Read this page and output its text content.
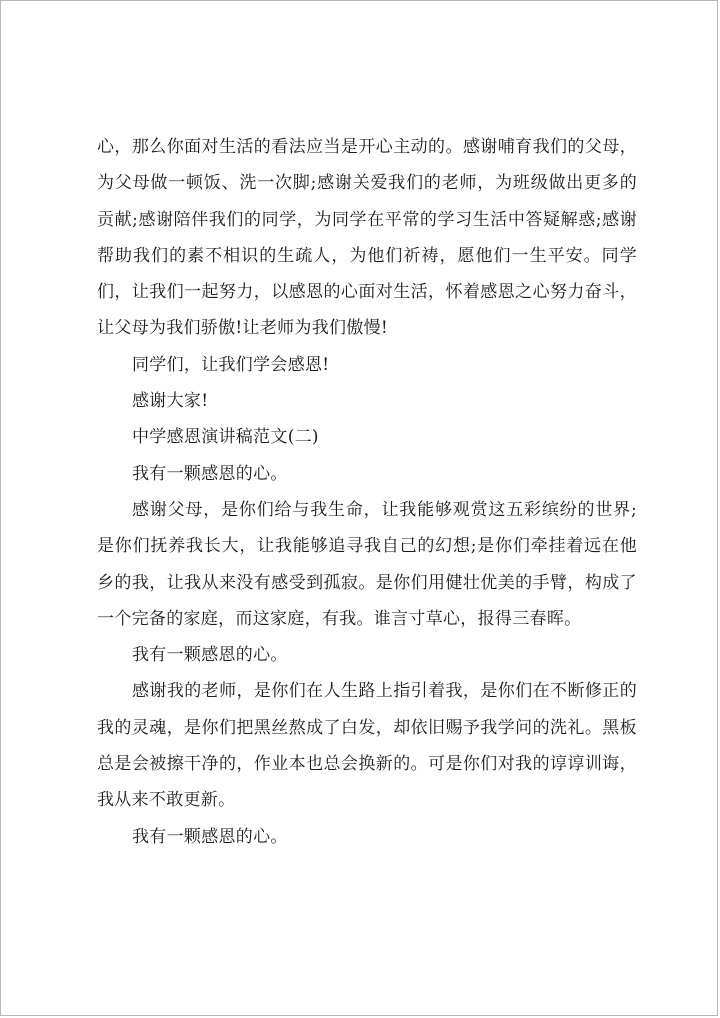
心，那么你面对生活的看法应当是开心主动的。感谢哺育我们的父母，为父母做一顿饭、洗一次脚;感谢关爱我们的老师，为班级做出更多的贡献;感谢陪伴我们的同学，为同学在平常的学习生活中答疑解惑;感谢帮助我们的素不相识的生疏人，为他们祈祷，愿他们一生平安。同学们，让我们一起努力，以感恩的心面对生活，怀着感恩之心努力奋斗，让父母为我们骄傲!让老师为我们傲慢!

同学们，让我们学会感恩!

感谢大家!

中学感恩演讲稿范文(二)

我有一颗感恩的心。

感谢父母，是你们给与我生命，让我能够观赏这五彩缤纷的世界;是你们抚养我长大，让我能够追寻我自己的幻想;是你们牵挂着远在他乡的我，让我从来没有感受到孤寂。是你们用健壮优美的手臂，构成了一个完备的家庭，而这家庭，有我。谁言寸草心，报得三春晖。

我有一颗感恩的心。

感谢我的老师，是你们在人生路上指引着我，是你们在不断修正的我的灵魂，是你们把黑丝熬成了白发，却依旧赐予我学问的洗礼。黑板总是会被擦干净的，作业本也总会换新的。可是你们对我的谆谆训诲，我从来不敢更新。

我有一颗感恩的心。
